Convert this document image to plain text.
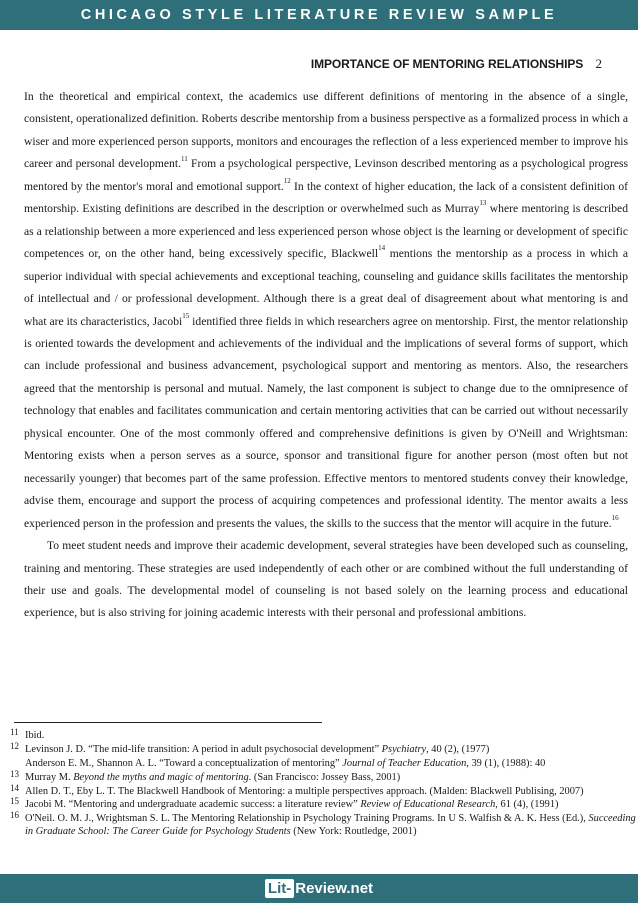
CHICAGO STYLE LITERATURE REVIEW SAMPLE
IMPORTANCE OF MENTORING RELATIONSHIPS 2

In the theoretical and empirical context, the academics use different definitions of mentoring in the absence of a single, consistent, operationalized definition. Roberts describe mentorship from a business perspective as a formalized process in which a wiser and more experienced person supports, monitors and encourages the reflection of a less experienced member to improve his career and personal development.$^{11}$ From a psychological perspective, Levinson described mentoring as a psychological progress mentored by the mentor's moral and emotional support.$^{12}$ In the context of higher education, the lack of a consistent definition of mentorship. Existing definitions are described in the description or overwhelmed such as Murray$^{13}$ where mentoring is described as a relationship between a more experienced and less experienced person whose object is the learning or development of specific competences or, on the other hand, being excessively specific, Blackwell$^{14}$ mentions the mentorship as a process in which a superior individual with special achievements and exceptional teaching, counseling and guidance skills facilitates the mentorship of intellectual and / or professional development. Although there is a great deal of disagreement about what mentoring is and what are its characteristics, Jacobi$^{15}$ identified three fields in which researchers agree on mentorship. First, the mentor relationship is oriented towards the development and achievements of the individual and the implications of several forms of support, which can include professional and business advancement, psychological support and mentoring as mentors. Also, the researchers agreed that the mentorship is personal and mutual. Namely, the last component is subject to change due to the omnipresence of technology that enables and facilitates communication and certain mentoring activities that can be carried out without necessarily physical encounter. One of the most commonly offered and comprehensive definitions is given by O'Neill and Wrightsman: Mentoring exists when a person serves as a source, sponsor and transitional figure for another person (most often but not necessarily younger) that becomes part of the same profession. Effective mentors to mentored students convey their knowledge, advise them, encourage and support the process of acquiring competences and professional identity. The mentor awaits a less experienced person in the profession and presents the values, the skills to the success that the mentor will acquire in the future.$^{16}$

To meet student needs and improve their academic development, several strategies have been developed such as counseling, training and mentoring. These strategies are used independently of each other or are combined without the full understanding of their use and goals. The developmental model of counseling is not based solely on the learning process and educational experience, but is also striving for joining academic interests with their personal and professional ambitions.

11 Ibid.
12 Levinson J. D. “The mid-life transition: A period in adult psychosocial development” Psychiatry, 40 (2), (1977)
Anderson E. M., Shannon A. L. “Toward a conceptualization of mentoring” Journal of Teacher Education, 39 (1), (1988): 40
13 Murray M. Beyond the myths and magic of mentoring. (San Francisco: Jossey Bass, 2001)
14 Allen D. T., Eby L. T. The Blackwell Handbook of Mentoring: a multiple perspectives approach. (Malden: Blackwell Publising, 2007)
15 Jacobi M. “Mentoring and undergraduate academic success: a literature review” Review of Educational Research, 61 (4), (1991)
16 O'Neil. O. M. J., Wrightsman S. L. The Mentoring Relationship in Psychology Training Programs. In U S. Walfish & A. K. Hess (Ed.), Succeeding in Graduate School: The Career Guide for Psychology Students (New York: Routledge, 2001)
Lit- Review.net
